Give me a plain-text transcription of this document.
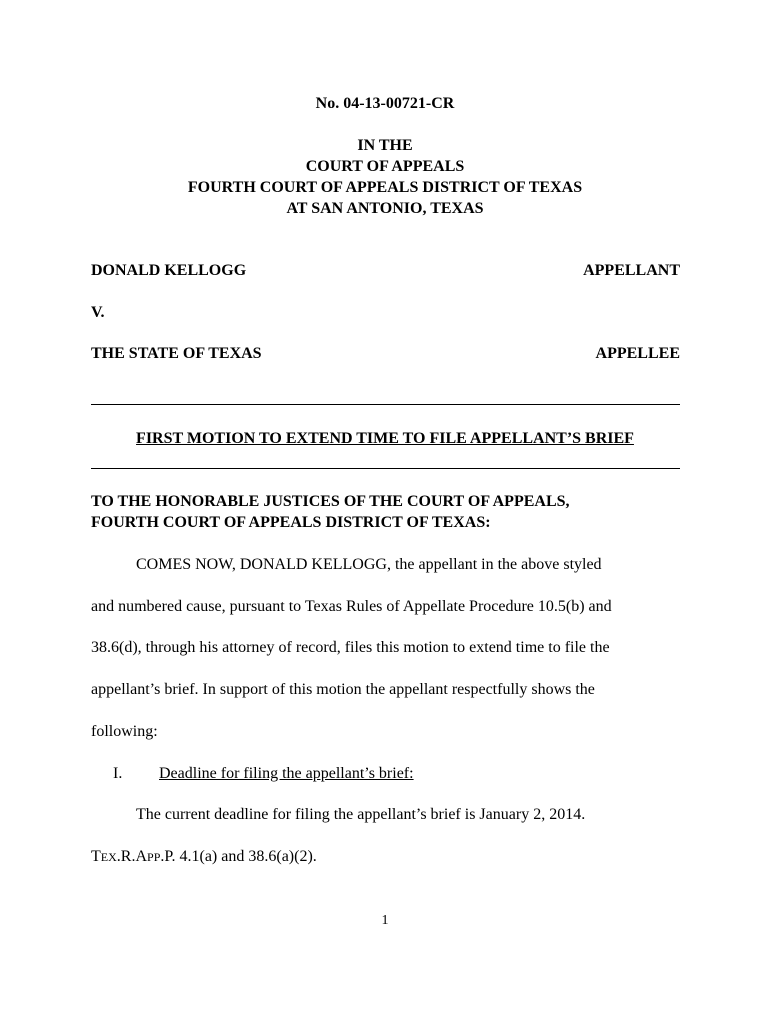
No. 04-13-00721-CR
IN THE
COURT OF APPEALS
FOURTH COURT OF APPEALS DISTRICT OF TEXAS
AT SAN ANTONIO, TEXAS
DONALD KELLOGG	APPELLANT
V.
THE STATE OF TEXAS	APPELLEE
FIRST MOTION TO EXTEND TIME TO FILE APPELLANT’S BRIEF
TO THE HONORABLE JUSTICES OF THE COURT OF APPEALS,
FOURTH COURT OF APPEALS DISTRICT OF TEXAS:
COMES NOW, DONALD KELLOGG, the appellant in the above styled
and numbered cause, pursuant to Texas Rules of Appellate Procedure 10.5(b) and
38.6(d), through his attorney of record, files this motion to extend time to file the
appellant’s brief. In support of this motion the appellant respectfully shows the
following:
I. Deadline for filing the appellant’s brief:
The current deadline for filing the appellant’s brief is January 2, 2014.
TEX.R.APP.P. 4.1(a) and 38.6(a)(2).
1
